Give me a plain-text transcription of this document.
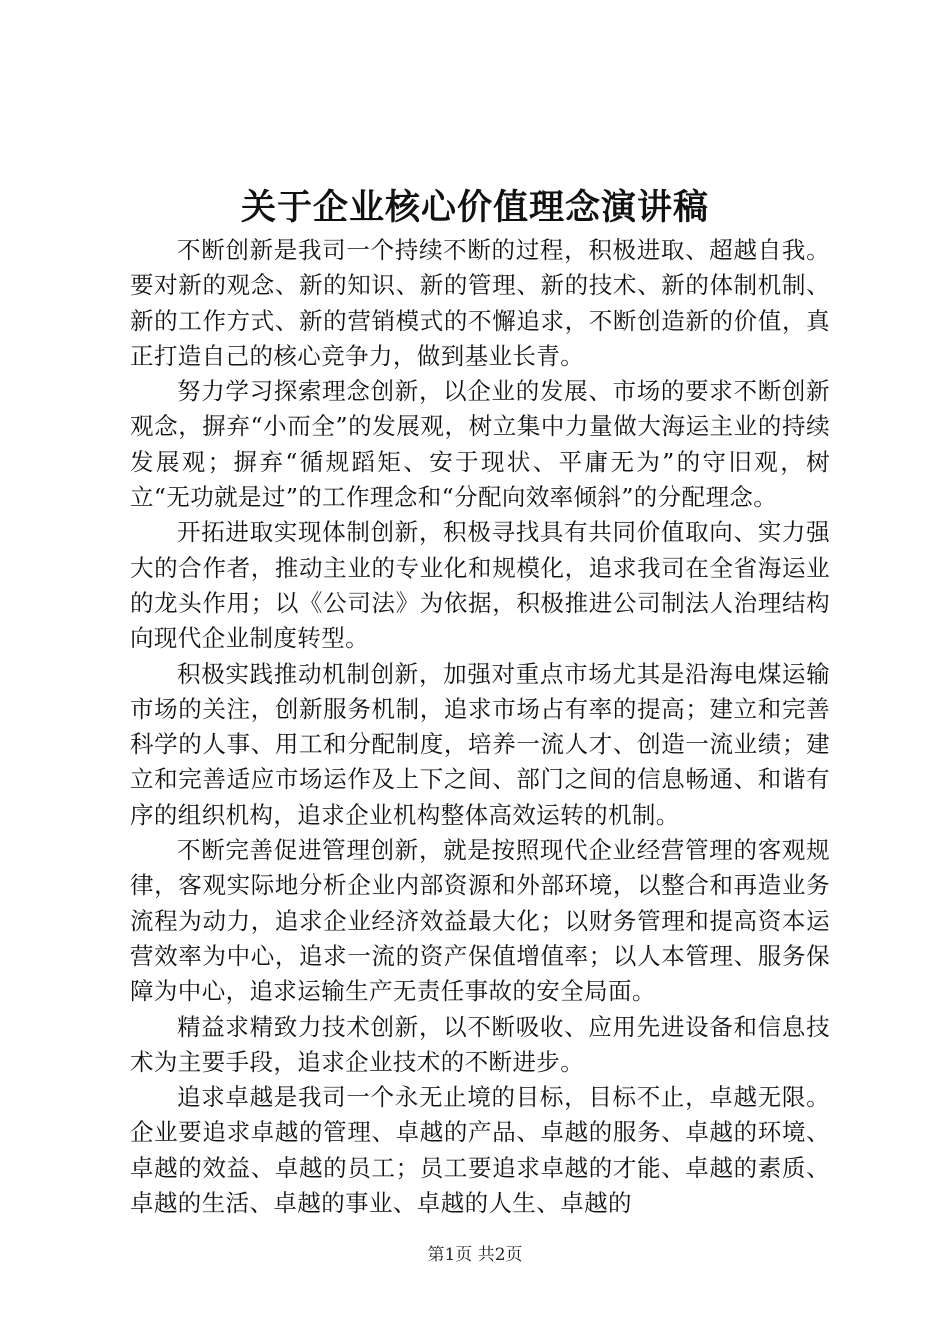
关于企业核心价值理念演讲稿

不断创新是我司一个持续不断的过程，积极进取、超越自我。要对新的观念、新的知识、新的管理、新的技术、新的体制机制、新的工作方式、新的营销模式的不懈追求，不断创造新的价值，真正打造自己的核心竞争力，做到基业长青。

努力学习探索理念创新，以企业的发展、市场的要求不断创新观念，摒弃“小而全”的发展观，树立集中力量做大海运主业的持续发展观；摒弃“循规蹈矩、安于现状、平庸无为”的守旧观，树立“无功就是过”的工作理念和“分配向效率倾斜”的分配理念。

开拓进取实现体制创新，积极寻找具有共同价值取向、实力强大的合作者，推动主业的专业化和规模化，追求我司在全省海运业的龙头作用；以《公司法》为依据，积极推进公司制法人治理结构向现代企业制度转型。

积极实践推动机制创新，加强对重点市场尤其是沿海电煤运输市场的关注，创新服务机制，追求市场占有率的提高；建立和完善科学的人事、用工和分配制度，培养一流人才、创造一流业绩；建立和完善适应市场运作及上下之间、部门之间的信息畅通、和谐有序的组织机构，追求企业机构整体高效运转的机制。

不断完善促进管理创新，就是按照现代企业经营管理的客观规律，客观实际地分析企业内部资源和外部环境，以整合和再造业务流程为动力，追求企业经济效益最大化；以财务管理和提高资本运营效率为中心，追求一流的资产保值增值率；以人本管理、服务保障为中心，追求运输生产无责任事故的安全局面。

精益求精致力技术创新，以不断吸收、应用先进设备和信息技术为主要手段，追求企业技术的不断进步。

追求卓越是我司一个永无止境的目标，目标不止，卓越无限。企业要追求卓越的管理、卓越的产品、卓越的服务、卓越的环境、卓越的效益、卓越的员工；员工要追求卓越的才能、卓越的素质、卓越的生活、卓越的事业、卓越的人生、卓越的

第1页 共2页
